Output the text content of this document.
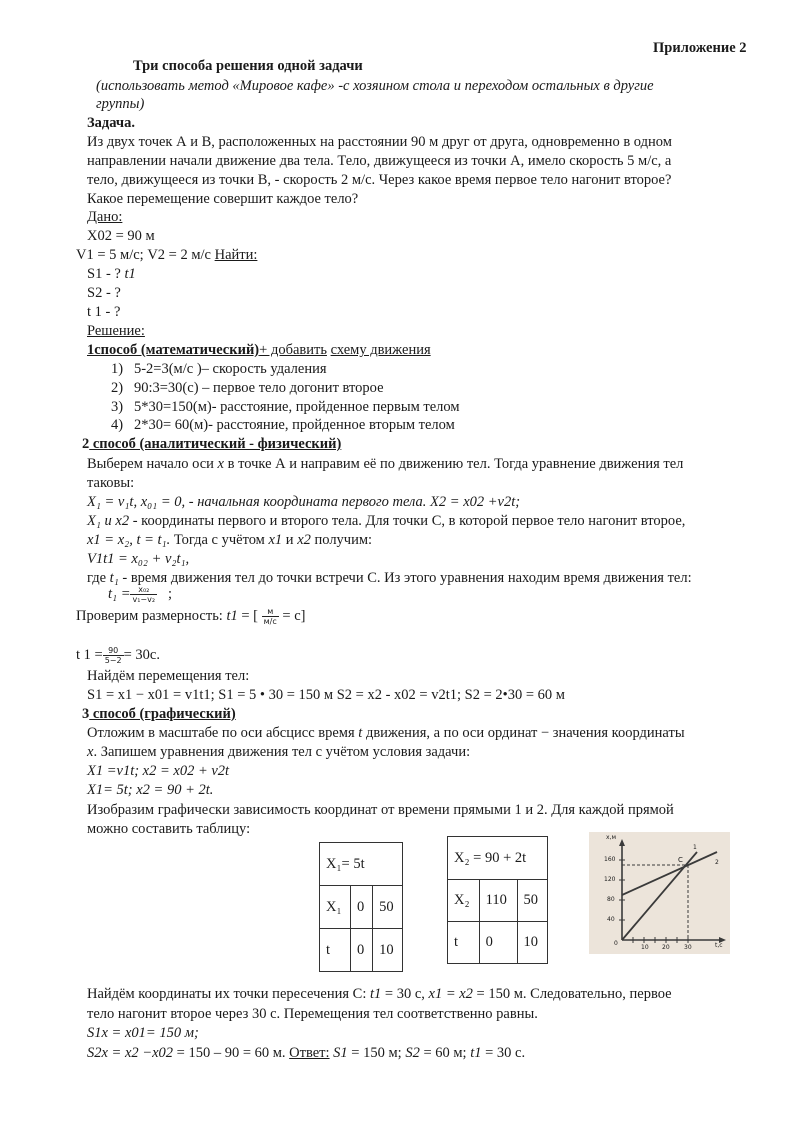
Приложение 2
Три способа решения одной задачи
(использовать метод «Мировое кафе» -с хозяином стола и переходом остальных в другие
группы)
Задача.
Из двух точек А и В, расположенных на расстоянии 90 м друг от друга, одновременно в одном
направлении начали движение два тела. Тело, движущееся из точки А, имело скорость 5 м/с, а
тело, движущееся из точки В, - скорость 2 м/с. Через какое время первое тело нагонит второе?
Какое перемещение совершит каждое тело?
Дано:
X02 = 90 м
V1 = 5 м/с; V2 = 2 м/с Найти:
S1 - ? t1
S2 - ?
t 1 - ?
Решение:
1способ (математический)+ добавить схему движения
1) 5-2=3(м/с )– скорость удаления
2) 90:3=30(с) – первое тело догонит второе
3) 5*30=150(м)- расстояние, пройденное первым телом
4) 2*30= 60(м)- расстояние, пройденное вторым телом
2 способ (аналитический - физический)
Выберем начало оси x в точке А и направим её по движению тел. Тогда уравнение движения тел
таковы:
X₁ = v₁t, x₀₁ = 0, - начальная координата первого тела. X2 = x02 +v2t;
X₁ и x2 - координаты первого и второго тела. Для точки С, в которой первое тело нагонит второе,
x1 = x₂, t = t₁. Тогда с учётом x1 и x2 получим:
V1t1 = x₀₂ + v₂t₁,
где t₁ - время движения тел до точки встречи С. Из этого уравнения находим время движения тел:
$t_1 = \frac{\text{x₀₂}}{\text{v₁−v₂}}$ ;
Проверим размерность: t1 = [ $\frac{м}{м/с} = с$]
t $1 = \frac{90}{5-2} = 30с$.
Найдём перемещения тел:
S1 = x1 − x01 = v1t1; S1 = 5 • 30 = 150 м S2 = x2 - x02 = v2t1; S2 = 2•30 = 60 м
3 способ (графический)
Отложим в масштабе по оси абсцисс время t движения, а по оси ординат − значения координаты
x. Запишем уравнения движения тел с учётом условия задачи:
X1 =v1t; x2 = x02 + v2t
X1= 5t; x2 = 90 + 2t.
Изобразим графически зависимость координат от времени прямыми 1 и 2. Для каждой прямой
можно составить таблицу:
X₁= 5t		
X₁	0	50
t	0	10
X₂ = 90 + 2t		
X₂	110	50
t	0	10
x,м
t,с
0
40
80
120
160
10 20 30
C
1
2
Найдём координаты их точки пересечения С: t1 = 30 с, x1 = x2 = 150 м. Следовательно, первое
тело нагонит второе через 30 с. Перемещения тел соответственно равны.
S1x = x01= 150 м;
S2x = x2 −x02 = 150 – 90 = 60 м. Ответ: S1 = 150 м; S2 = 60 м; t1 = 30 с.
